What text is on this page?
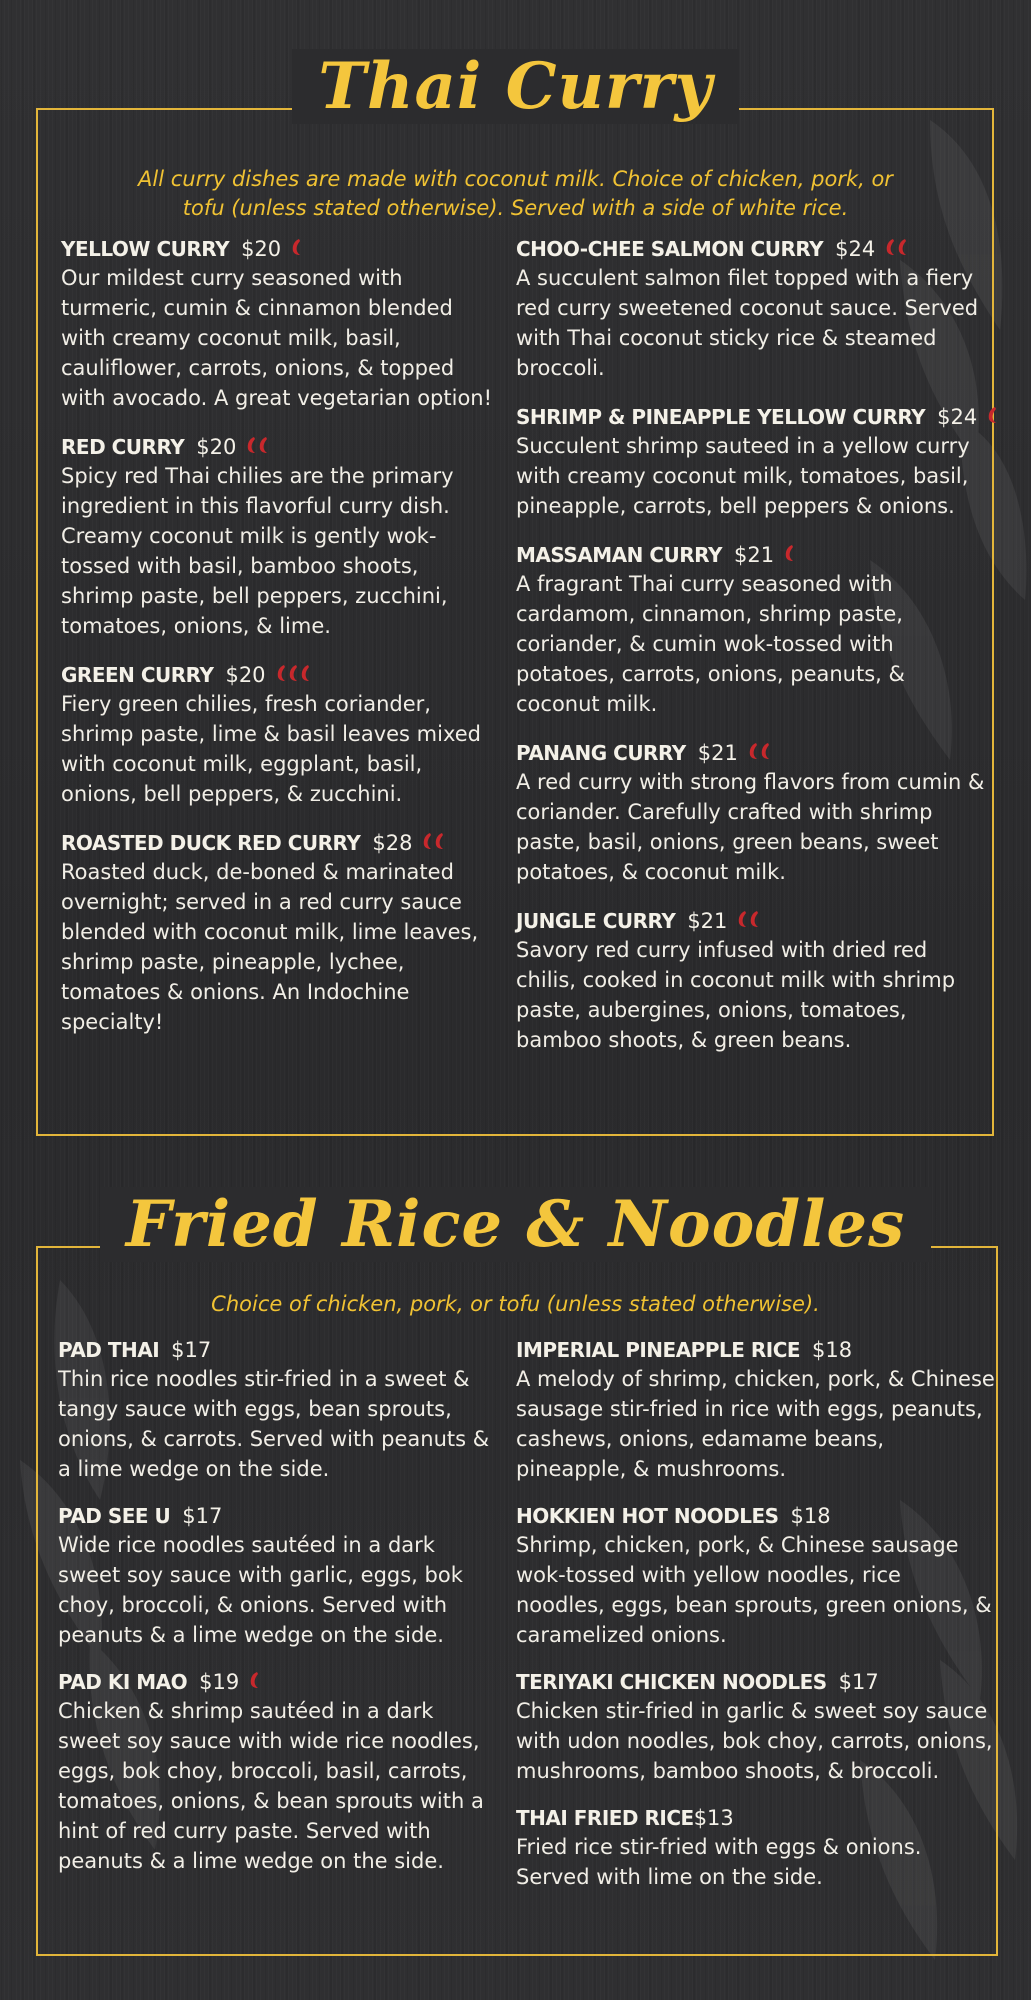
Thai Curry
All curry dishes are made with coconut milk. Choice of chicken, pork, or
tofu (unless stated otherwise). Served with a side of white rice.
YELLOW CURRY $20
Our mildest curry seasoned with turmeric, cumin & cinnamon blended with creamy coconut milk, basil, cauliflower, carrots, onions, & topped with avocado. A great vegetarian option!
RED CURRY $20
Spicy red Thai chilies are the primary ingredient in this flavorful curry dish. Creamy coconut milk is gently wok-tossed with basil, bamboo shoots, shrimp paste, bell peppers, zucchini, tomatoes, onions, & lime.
GREEN CURRY $20
Fiery green chilies, fresh coriander, shrimp paste, lime & basil leaves mixed with coconut milk, eggplant, basil, onions, bell peppers, & zucchini.
ROASTED DUCK RED CURRY $28
Roasted duck, de-boned & marinated overnight; served in a red curry sauce blended with coconut milk, lime leaves, shrimp paste, pineapple, lychee, tomatoes & onions. An Indochine specialty!
CHOO-CHEE SALMON CURRY $24
A succulent salmon filet topped with a fiery red curry sweetened coconut sauce. Served with Thai coconut sticky rice & steamed broccoli.
SHRIMP & PINEAPPLE YELLOW CURRY $24
Succulent shrimp sauteed in a yellow curry with creamy coconut milk, tomatoes, basil, pineapple, carrots, bell peppers & onions.
MASSAMAN CURRY $21
A fragrant Thai curry seasoned with cardamom, cinnamon, shrimp paste, coriander, & cumin wok-tossed with potatoes, carrots, onions, peanuts, & coconut milk.
PANANG CURRY $21
A red curry with strong flavors from cumin & coriander. Carefully crafted with shrimp paste, basil, onions, green beans, sweet potatoes, & coconut milk.
JUNGLE CURRY $21
Savory red curry infused with dried red chilis, cooked in coconut milk with shrimp paste, aubergines, onions, tomatoes, bamboo shoots, & green beans.
Fried Rice & Noodles
Choice of chicken, pork, or tofu (unless stated otherwise).
PAD THAI $17
Thin rice noodles stir-fried in a sweet & tangy sauce with eggs, bean sprouts, onions, & carrots. Served with peanuts & a lime wedge on the side.
PAD SEE U $17
Wide rice noodles sautéed in a dark sweet soy sauce with garlic, eggs, bok choy, broccoli, & onions. Served with peanuts & a lime wedge on the side.
PAD KI MAO $19
Chicken & shrimp sautéed in a dark sweet soy sauce with wide rice noodles, eggs, bok choy, broccoli, basil, carrots, tomatoes, onions, & bean sprouts with a hint of red curry paste. Served with peanuts & a lime wedge on the side.
IMPERIAL PINEAPPLE RICE $18
A melody of shrimp, chicken, pork, & Chinese sausage stir-fried in rice with eggs, peanuts, cashews, onions, edamame beans, pineapple, & mushrooms.
HOKKIEN HOT NOODLES $18
Shrimp, chicken, pork, & Chinese sausage wok-tossed with yellow noodles, rice noodles, eggs, bean sprouts, green onions, & caramelized onions.
TERIYAKI CHICKEN NOODLES $17
Chicken stir-fried in garlic & sweet soy sauce with udon noodles, bok choy, carrots, onions, mushrooms, bamboo shoots, & broccoli.
THAI FRIED RICE $13
Fried rice stir-fried with eggs & onions. Served with lime on the side.
